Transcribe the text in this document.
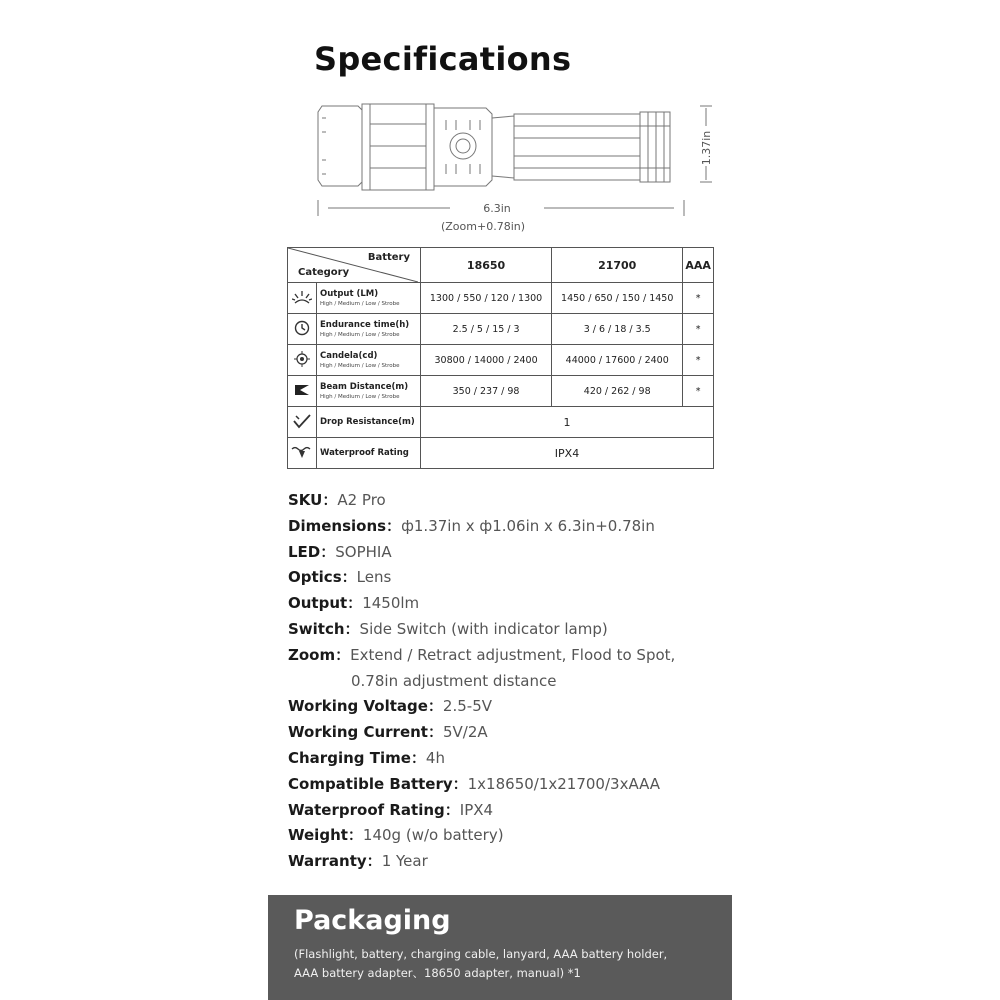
Specifications
1.37in
6.3in
(Zoom+0.78in)
Battery
Category		18650	21700	AAA

Output (LM)
High / Medium / Low / Strobe	1300 / 550 / 120 / 1300	1450 / 650 / 150 / 1450	*

Endurance time(h)
High / Medium / Low / Strobe	2.5 / 5 / 15 / 3	3 / 6 / 18 / 3.5	*

Candela(cd)
High / Medium / Low / Strobe	30800 / 14000 / 2400	44000 / 17600 / 2400	*

Beam Distance(m)
High / Medium / Low / Strobe	350 / 237 / 98	420 / 262 / 98	*

Drop Resistance(m)	1		

Waterproof Rating	IPX4		
SKU：A2 Pro
Dimensions：ф1.37in x ф1.06in x 6.3in+0.78in
LED：SOPHIA
Optics：Lens
Output：1450lm
Switch：Side Switch (with indicator lamp)
Zoom：Extend / Retract adjustment, Flood to Spot,
0.78in adjustment distance
Working Voltage：2.5-5V
Working Current：5V/2A
Charging Time：4h
Compatible Battery：1x18650/1x21700/3xAAA
Waterproof Rating：IPX4
Weight：140g (w/o battery)
Warranty：1 Year
Packaging
(Flashlight, battery, charging cable, lanyard, AAA battery holder,
AAA battery adapter、18650 adapter, manual) *1
